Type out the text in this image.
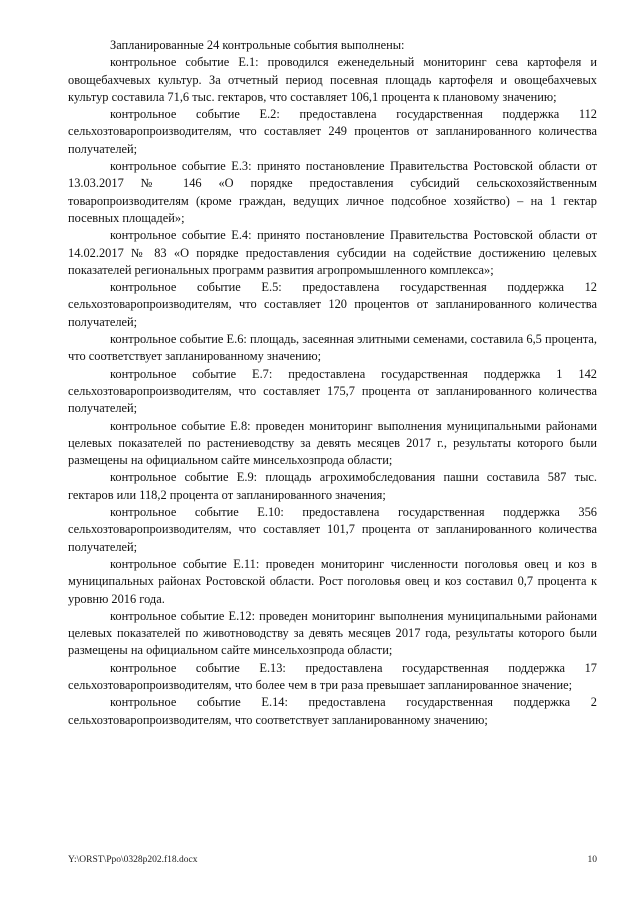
Запланированные 24 контрольные события выполнены:

контрольное событие Е.1: проводился еженедельный мониторинг сева картофеля и овощебахчевых культур. За отчетный период посевная площадь картофеля и овощебахчевых культур составила 71,6 тыс. гектаров, что составляет 106,1 процента к плановому значению;

контрольное событие Е.2: предоставлена государственная поддержка 112 сельхозтоваропроизводителям, что составляет 249 процентов от запланированного количества получателей;

контрольное событие Е.3: принято постановление Правительства Ростовской области от 13.03.2017 № 146 «О порядке предоставления субсидий сельскохозяйственным товаропроизводителям (кроме граждан, ведущих личное подсобное хозяйство) – на 1 гектар посевных площадей»;

контрольное событие Е.4: принято постановление Правительства Ростовской области от 14.02.2017 № 83 «О порядке предоставления субсидии на содействие достижению целевых показателей региональных программ развития агропромышленного комплекса»;

контрольное событие Е.5: предоставлена государственная поддержка 12 сельхозтоваропроизводителям, что составляет 120 процентов от запланированного количества получателей;

контрольное событие Е.6: площадь, засеянная элитными семенами, составила 6,5 процента, что соответствует запланированному значению;

контрольное событие Е.7: предоставлена государственная поддержка 1 142 сельхозтоваропроизводителям, что составляет 175,7 процента от запланированного количества получателей;

контрольное событие Е.8: проведен мониторинг выполнения муниципальными районами целевых показателей по растениеводству за девять месяцев 2017 г., результаты которого были размещены на официальном сайте минсельхозпрода области;

контрольное событие Е.9: площадь агрохимобследования пашни составила 587 тыс. гектаров или 118,2 процента от запланированного значения;

контрольное событие Е.10: предоставлена государственная поддержка 356 сельхозтоваропроизводителям, что составляет 101,7 процента от запланированного количества получателей;

контрольное событие Е.11: проведен мониторинг численности поголовья овец и коз в муниципальных районах Ростовской области. Рост поголовья овец и коз составил 0,7 процента к уровню 2016 года.

контрольное событие Е.12: проведен мониторинг выполнения муниципальными районами целевых показателей по животноводству за девять месяцев 2017 года, результаты которого были размещены на официальном сайте минсельхозпрода области;

контрольное событие Е.13: предоставлена государственная поддержка 17 сельхозтоваропроизводителям, что более чем в три раза превышает запланированное значение;

контрольное событие Е.14: предоставлена государственная поддержка 2 сельхозтоваропроизводителям, что соответствует запланированному значению;

Y:\ORST\Ppo\0328p202.f18.docx	10
